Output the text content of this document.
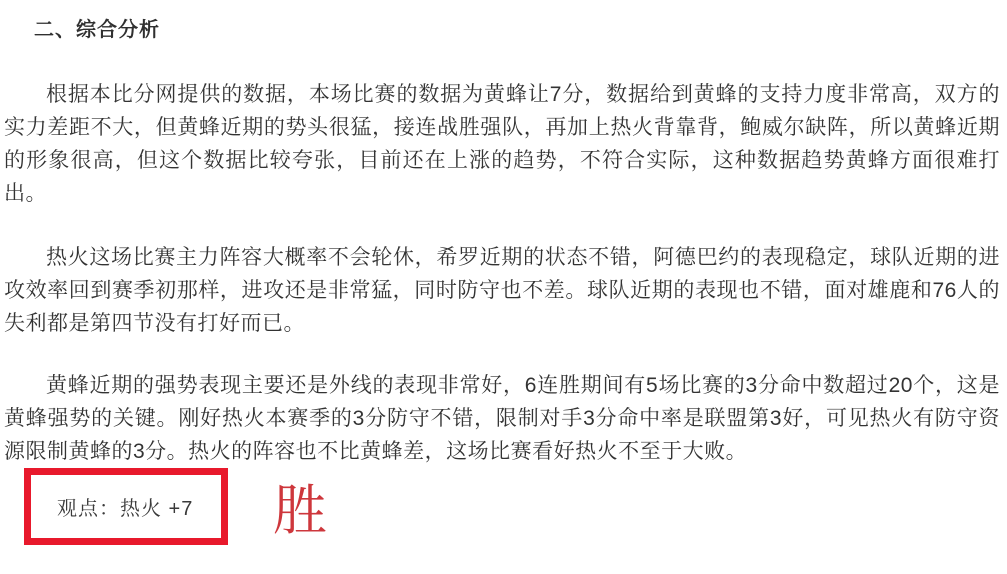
二、综合分析

根据本比分网提供的数据，本场比赛的数据为黄蜂让7分，数据给到黄蜂的支持力度非常高，双方的实力差距不大，但黄蜂近期的势头很猛，接连战胜强队，再加上热火背靠背，鲍威尔缺阵，所以黄蜂近期的形象很高，但这个数据比较夸张，目前还在上涨的趋势，不符合实际，这种数据趋势黄蜂方面很难打出。

热火这场比赛主力阵容大概率不会轮休，希罗近期的状态不错，阿德巴约的表现稳定，球队近期的进攻效率回到赛季初那样，进攻还是非常猛，同时防守也不差。球队近期的表现也不错，面对雄鹿和76人的失利都是第四节没有打好而已。

黄蜂近期的强势表现主要还是外线的表现非常好，6连胜期间有5场比赛的3分命中数超过20个，这是黄蜂强势的关键。刚好热火本赛季的3分防守不错，限制对手3分命中率是联盟第3好，可见热火有防守资源限制黄蜂的3分。热火的阵容也不比黄蜂差，这场比赛看好热火不至于大败。

观点：热火 +7 胜
